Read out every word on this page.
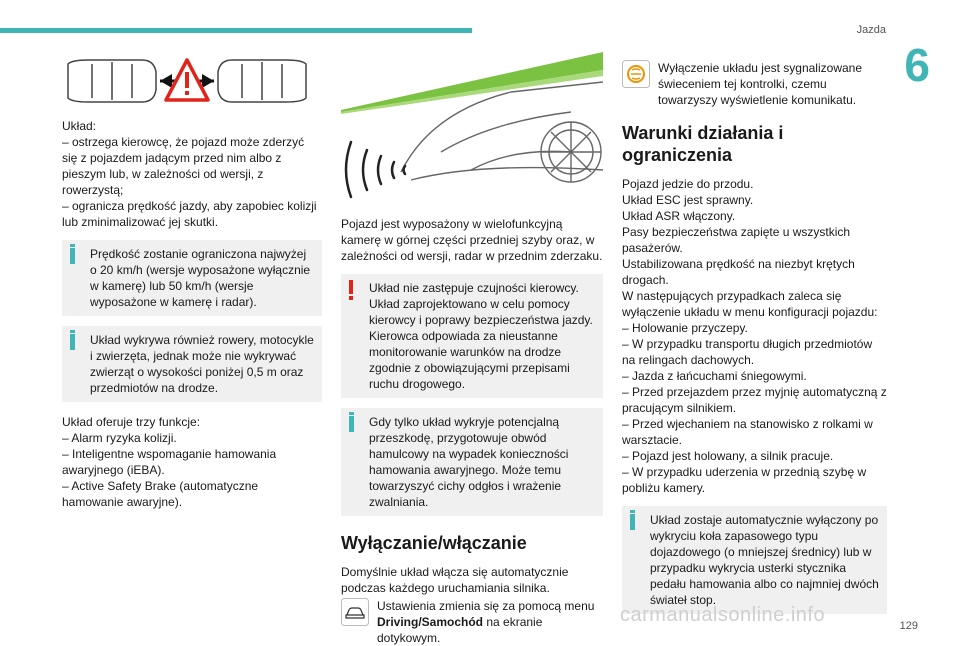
Jazda
6
Układ:
– ostrzega kierowcę, że pojazd może zderzyć się z pojazdem jadącym przed nim albo z pieszym lub, w zależności od wersji, z rowerzystą;
– ogranicza prędkość jazdy, aby zapobiec kolizji lub zminimalizować jej skutki.
Prędkość zostanie ograniczona najwyżej o 20 km/h (wersje wyposażone wyłącznie w kamerę) lub 50 km/h (wersje wyposażone w kamerę i radar).
Układ wykrywa również rowery, motocykle i zwierzęta, jednak może nie wykrywać zwierząt o wysokości poniżej 0,5 m oraz przedmiotów na drodze.
Układ oferuje trzy funkcje:
– Alarm ryzyka kolizji.
– Inteligentne wspomaganie hamowania awaryjnego (iEBA).
– Active Safety Brake (automatyczne hamowanie awaryjne).

Pojazd jest wyposażony w wielofunkcyjną kamerę w górnej części przedniej szyby oraz, w zależności od wersji, radar w przednim zderzaku.

Układ nie zastępuje czujności kierowcy. Układ zaprojektowano w celu pomocy kierowcy i poprawy bezpieczeństwa jazdy. Kierowca odpowiada za nieustanne monitorowanie warunków na drodze zgodnie z obowiązującymi przepisami ruchu drogowego.
Gdy tylko układ wykryje potencjalną przeszkodę, przygotowuje obwód hamulcowy na wypadek konieczności hamowania awaryjnego. Może temu towarzyszyć cichy odgłos i wrażenie zwalniania.
Wyłączanie/włączanie

Domyślnie układ włącza się automatycznie podczas każdego uruchamiania silnika.

Ustawienia zmienia się za pomocą menu Driving/Samochód na ekranie dotykowym.

Wyłączenie układu jest sygnalizowane świeceniem tej kontrolki, czemu towarzyszy wyświetlenie komunikatu.

Warunki działania i ograniczenia
Pojazd jedzie do przodu.
Układ ESC jest sprawny.
Układ ASR włączony.
Pasy bezpieczeństwa zapięte u wszystkich pasażerów.
Ustabilizowana prędkość na niezbyt krętych drogach.
W następujących przypadkach zaleca się wyłączenie układu w menu konfiguracji pojazdu:
– Holowanie przyczepy.
– W przypadku transportu długich przedmiotów na relingach dachowych.
– Jazda z łańcuchami śniegowymi.
– Przed przejazdem przez myjnię automatyczną z pracującym silnikiem.
– Przed wjechaniem na stanowisko z rolkami w warsztacie.
– Pojazd jest holowany, a silnik pracuje.
– W przypadku uderzenia w przednią szybę w pobliżu kamery.
Układ zostaje automatycznie wyłączony po wykryciu koła zapasowego typu dojazdowego (o mniejszej średnicy) lub w przypadku wykrycia usterki stycznika pedału hamowania albo co najmniej dwóch świateł stop.
carmanualsonline.info	129
